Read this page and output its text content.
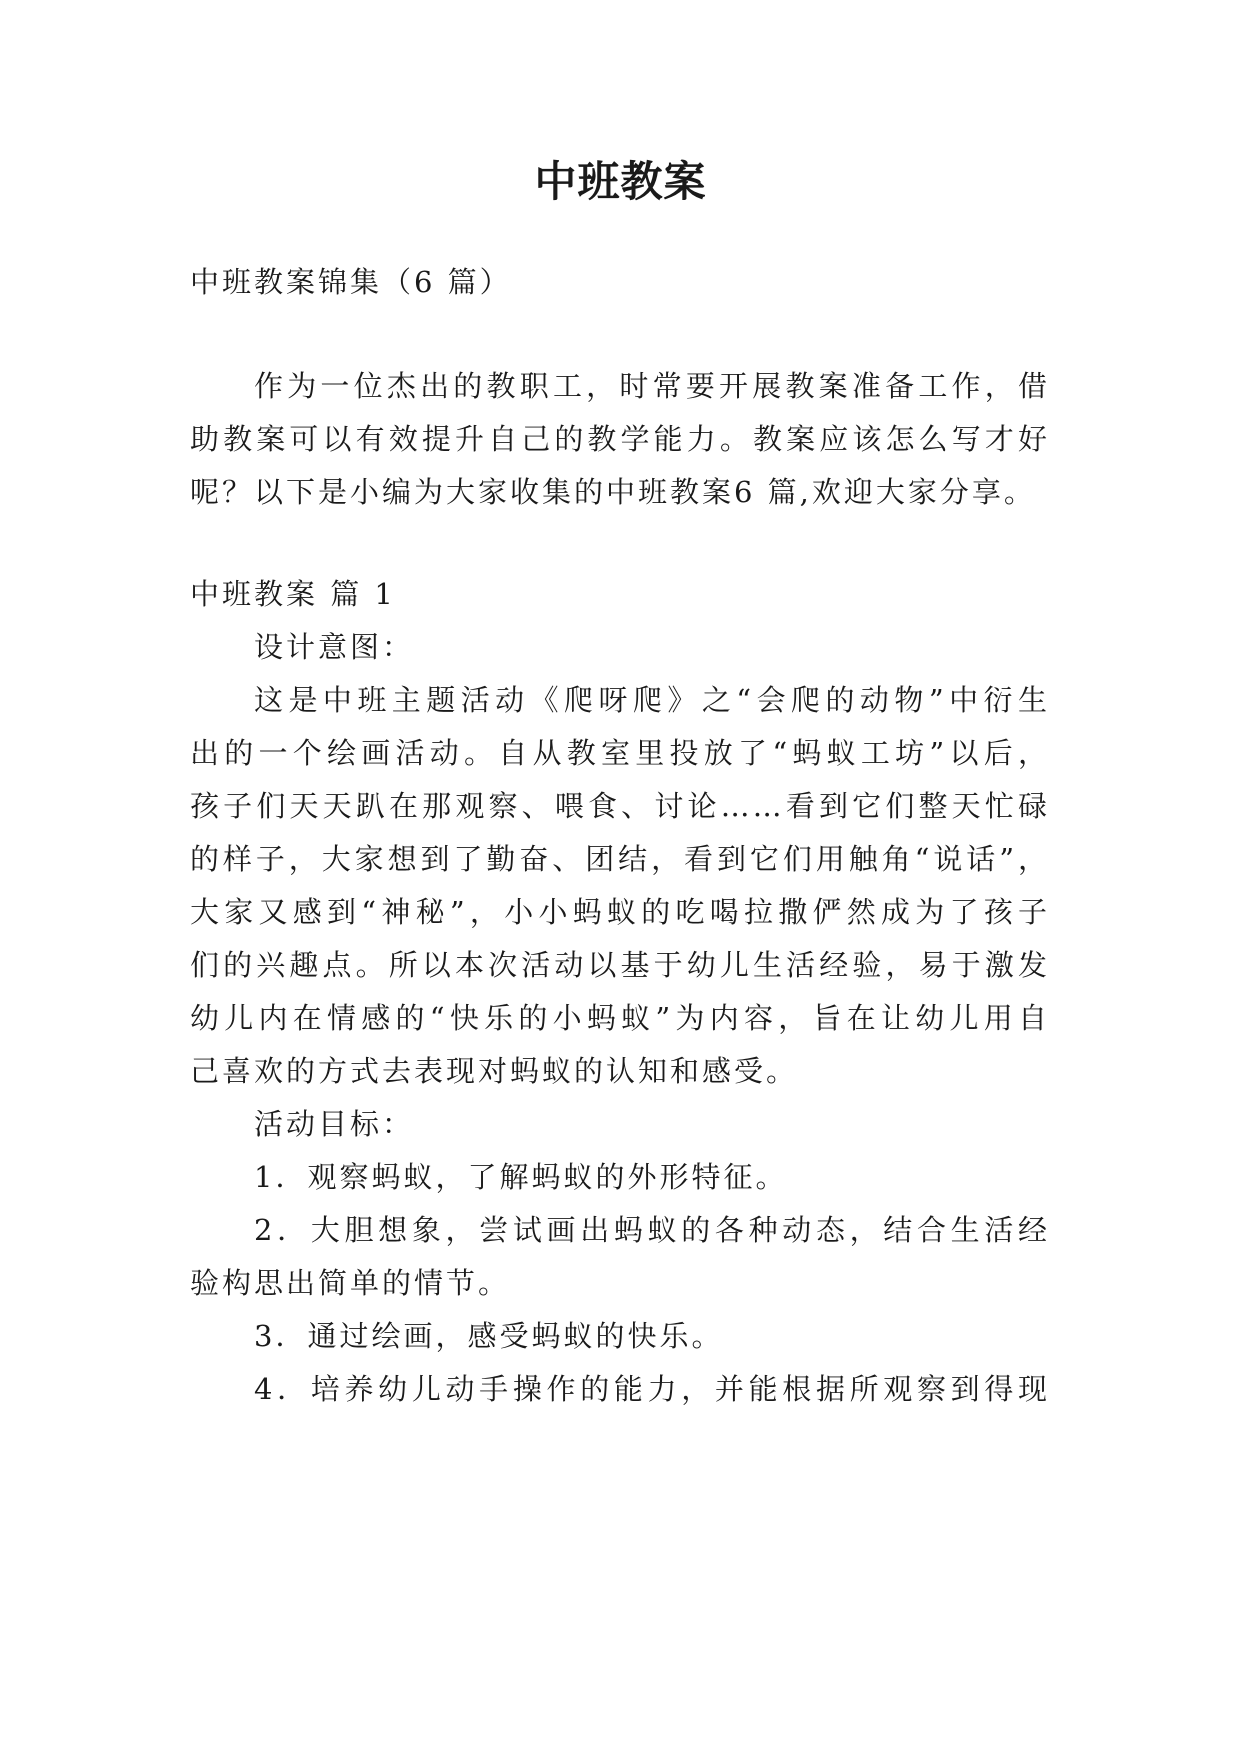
中班教案

中班教案锦集（6 篇）

作为一位杰出的教职工，时常要开展教案准备工作，借

助教案可以有效提升自己的教学能力。教案应该怎么写才好

呢？以下是小编为大家收集的中班教案6 篇,欢迎大家分享。

中班教案 篇 1

设计意图：

这是中班主题活动《爬呀爬》之“会爬的动物”中衍生

出的一个绘画活动。自从教室里投放了“蚂蚁工坊”以后，

孩子们天天趴在那观察、喂食、讨论……看到它们整天忙碌

的样子，大家想到了勤奋、团结，看到它们用触角“说话”，

大家又感到“神秘”，小小蚂蚁的吃喝拉撒俨然成为了孩子

们的兴趣点。所以本次活动以基于幼儿生活经验，易于激发

幼儿内在情感的“快乐的小蚂蚁”为内容，旨在让幼儿用自

己喜欢的方式去表现对蚂蚁的认知和感受。

活动目标：

1．观察蚂蚁，了解蚂蚁的外形特征。

2．大胆想象，尝试画出蚂蚁的各种动态，结合生活经

验构思出简单的情节。

3．通过绘画，感受蚂蚁的快乐。

4．培养幼儿动手操作的能力，并能根据所观察到得现
